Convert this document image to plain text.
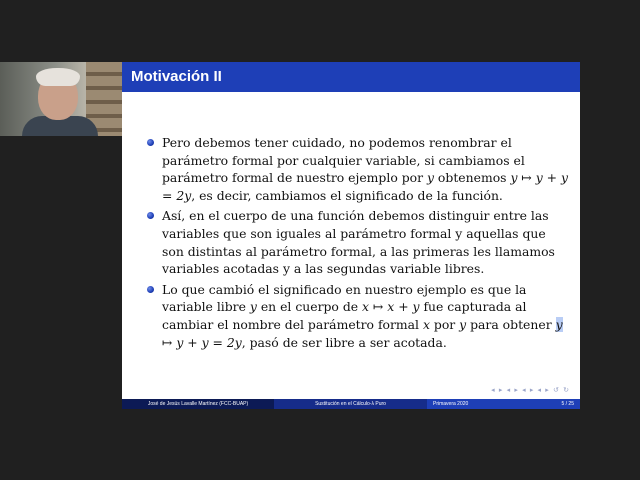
Motivación II
Pero debemos tener cuidado, no podemos renombrar el parámetro formal por cualquier variable, si cambiamos el parámetro formal de nuestro ejemplo por y obtenemos y ↦ y + y = 2y, es decir, cambiamos el significado de la función.
Así, en el cuerpo de una función debemos distinguir entre las variables que son iguales al parámetro formal y aquellas que son distintas al parámetro formal, a las primeras les llamamos variables acotadas y a las segundas variable libres.
Lo que cambió el significado en nuestro ejemplo es que la variable libre y en el cuerpo de x ↦ x + y fue capturada al cambiar el nombre del parámetro formal x por y para obtener y ↦ y + y = 2y, pasó de ser libre a ser acotada.
◂ ▸ ◂ ▸ ◂ ▸ ◂ ▸ ↺ ↻
José de Jesús Lavalle Martínez (FCC-BUAP)	Sustitución en el Cálculo-λ Puro	Primavera 2020	5 / 25
